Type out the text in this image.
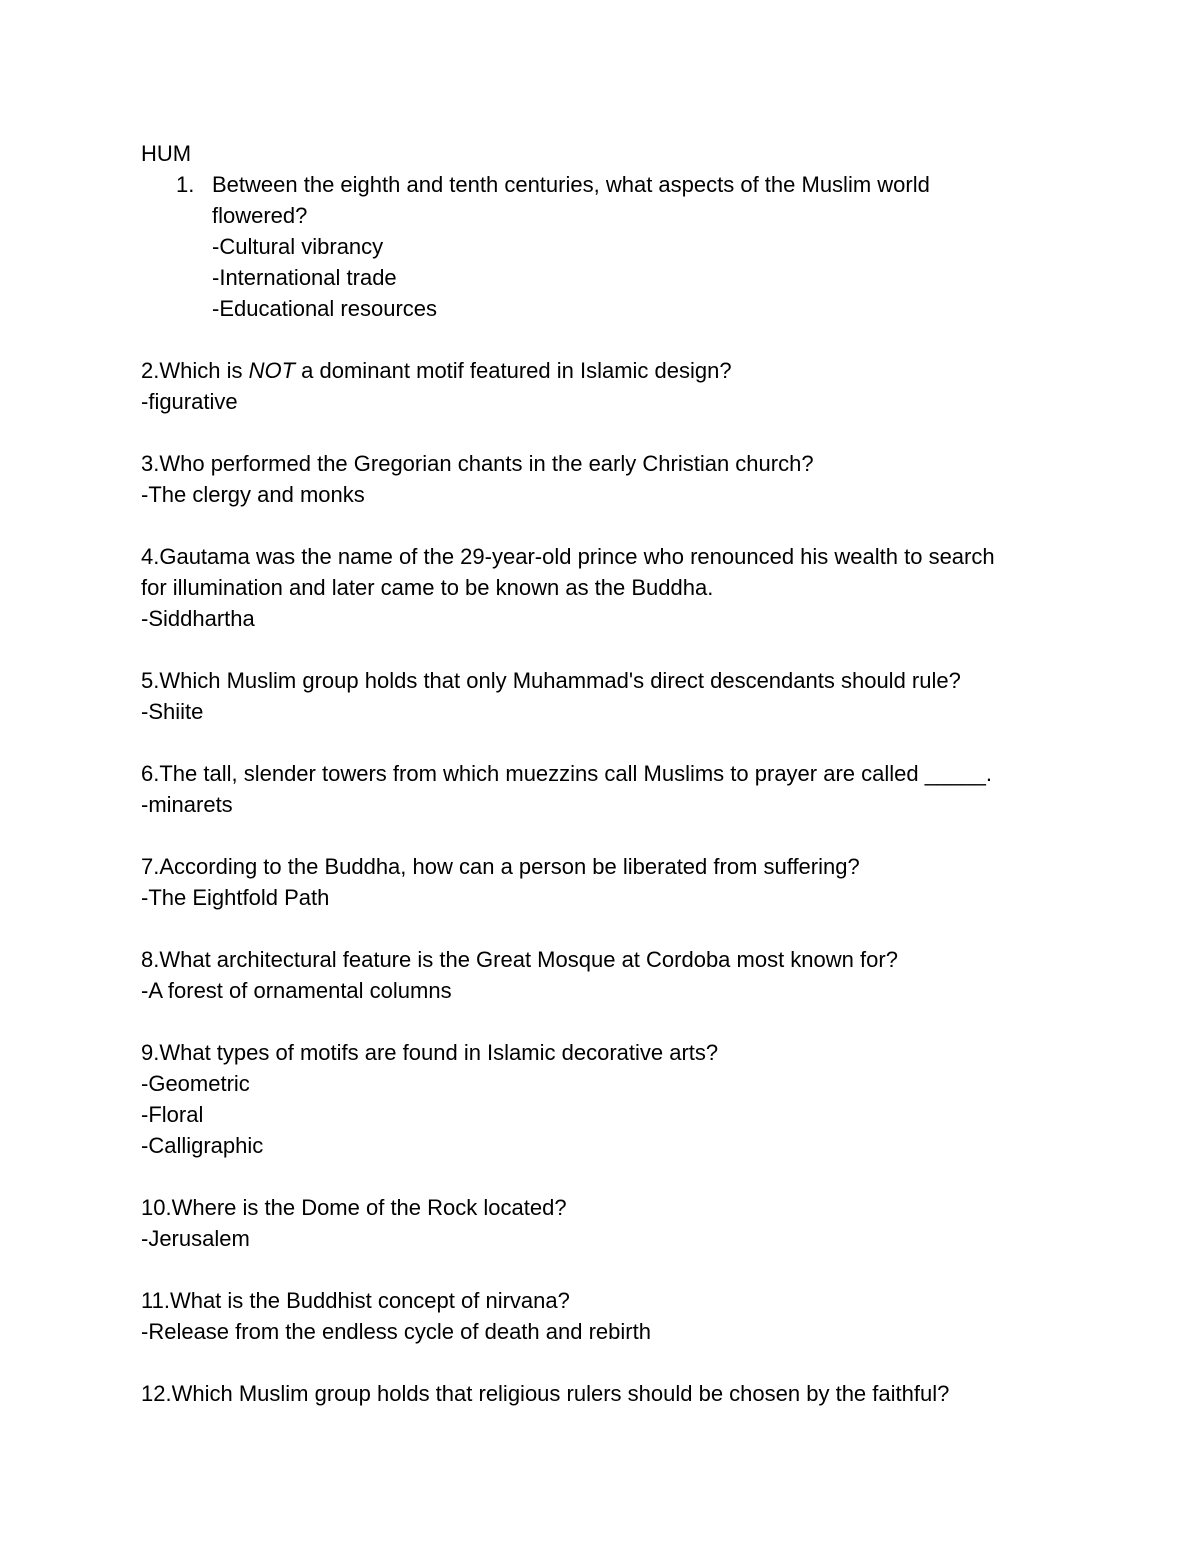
HUM

1. Between the eighth and tenth centuries, what aspects of the Muslim world

flowered?

-Cultural vibrancy

-International trade

-Educational resources

2.Which is NOT a dominant motif featured in Islamic design?

-figurative

3.Who performed the Gregorian chants in the early Christian church?

-The clergy and monks

4.Gautama was the name of the 29-year-old prince who renounced his wealth to search

for illumination and later came to be known as the Buddha.

-Siddhartha

5.Which Muslim group holds that only Muhammad's direct descendants should rule?

-Shiite

6.The tall, slender towers from which muezzins call Muslims to prayer are called _____.

-minarets

7.According to the Buddha, how can a person be liberated from suffering?

-The Eightfold Path

8.What architectural feature is the Great Mosque at Cordoba most known for?

-A forest of ornamental columns

9.What types of motifs are found in Islamic decorative arts?

-Geometric

-Floral

-Calligraphic

10.Where is the Dome of the Rock located?

-Jerusalem

11.What is the Buddhist concept of nirvana?

-Release from the endless cycle of death and rebirth

12.Which Muslim group holds that religious rulers should be chosen by the faithful?
